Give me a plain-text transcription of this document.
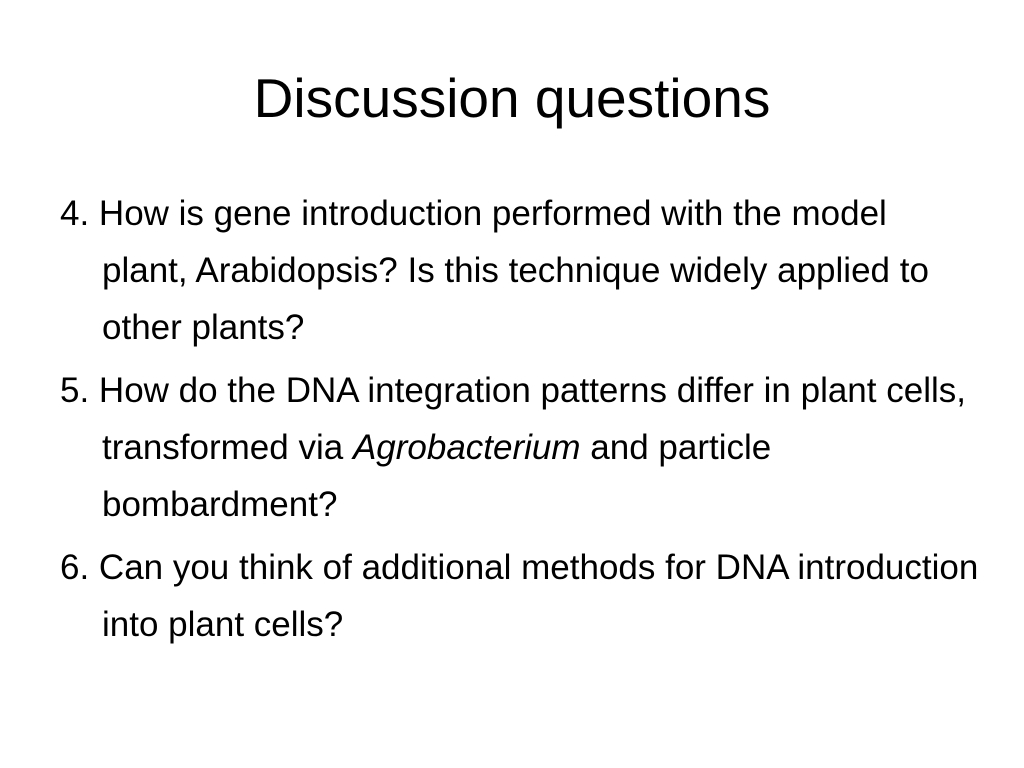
Discussion questions
4. How is gene introduction performed with the model plant, Arabidopsis? Is this technique widely applied to other plants?
5. How do the DNA integration patterns differ in plant cells, transformed via Agrobacterium and particle bombardment?
6. Can you think of additional methods for DNA introduction into plant cells?
